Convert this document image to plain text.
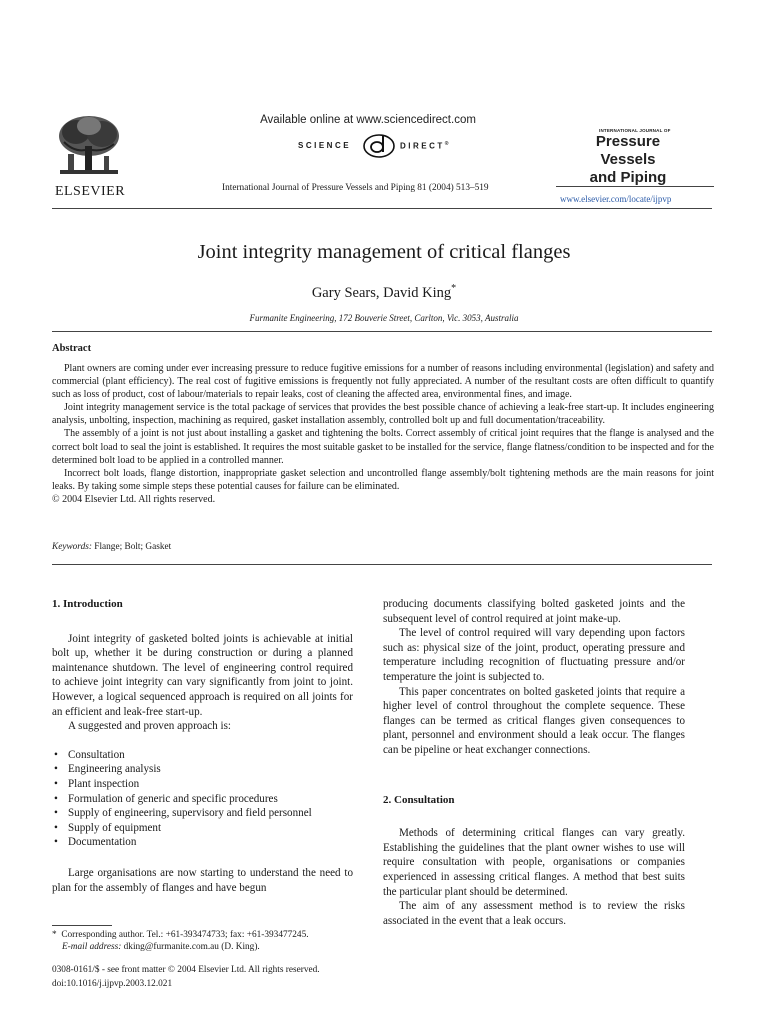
ELSEVIER
Available online at www.sciencedirect.com
SCIENCE	DIRECT®
International Journal of Pressure Vessels and Piping 81 (2004) 513–519
INTERNATIONAL JOURNAL OF
Pressure Vessels
and Piping
www.elsevier.com/locate/ijpvp
Joint integrity management of critical flanges
Gary Sears, David King*
Furmanite Engineering, 172 Bouverie Street, Carlton, Vic. 3053, Australia
Abstract

Plant owners are coming under ever increasing pressure to reduce fugitive emissions for a number of reasons including environmental (legislation) and safety and commercial (plant efficiency). The real cost of fugitive emissions is frequently not fully appreciated. A number of the resultant costs are often difficult to quantify such as loss of product, cost of labour/materials to repair leaks, cost of cleaning the affected area, environmental fines, and image.

Joint integrity management service is the total package of services that provides the best possible chance of achieving a leak-free start-up. It includes engineering analysis, unbolting, inspection, machining as required, gasket installation assembly, controlled bolt up and full documentation/traceability.

The assembly of a joint is not just about installing a gasket and tightening the bolts. Correct assembly of critical joint requires that the flange is analysed and the correct bolt load to seal the joint is established. It requires the most suitable gasket to be installed for the service, flange flatness/condition to be inspected and for the determined bolt load to be applied in a controlled manner.

Incorrect bolt loads, flange distortion, inappropriate gasket selection and uncontrolled flange assembly/bolt tightening methods are the main reasons for joint leaks. By taking some simple steps these potential causes for failure can be eliminated.

© 2004 Elsevier Ltd. All rights reserved.

Keywords: Flange; Bolt; Gasket
1. Introduction

Joint integrity of gasketed bolted joints is achievable at initial bolt up, whether it be during construction or during a planned maintenance shutdown. The level of engineering control required to achieve joint integrity can vary significantly from joint to joint. However, a logical sequenced approach is required on all joints for an efficient and leak-free start-up.

A suggested and proven approach is:

• Consultation
• Engineering analysis
• Plant inspection
• Formulation of generic and specific procedures
• Supply of engineering, supervisory and field personnel
• Supply of equipment
• Documentation

Large organisations are now starting to understand the need to plan for the assembly of flanges and have begun

* Corresponding author. Tel.: +61-393474733; fax: +61-393477245.
E-mail address: dking@furmanite.com.au (D. King).
0308-0161/$ - see front matter © 2004 Elsevier Ltd. All rights reserved.
doi:10.1016/j.ijpvp.2003.12.021

producing documents classifying bolted gasketed joints and the subsequent level of control required at joint make-up.

The level of control required will vary depending upon factors such as: physical size of the joint, product, operating pressure and temperature including recognition of fluctuating pressure and/or temperature the joint is subjected to.

This paper concentrates on bolted gasketed joints that require a higher level of control throughout the complete sequence. These flanges can be termed as critical flanges given consequences to plant, personnel and environment should a leak occur. The flanges can be pipeline or heat exchanger connections.

2. Consultation

Methods of determining critical flanges can vary greatly. Establishing the guidelines that the plant owner wishes to use will require consultation with people, organisations or companies experienced in assessing critical flanges. A method that best suits the particular plant should be determined.

The aim of any assessment method is to review the risks associated in the event that a leak occurs.
